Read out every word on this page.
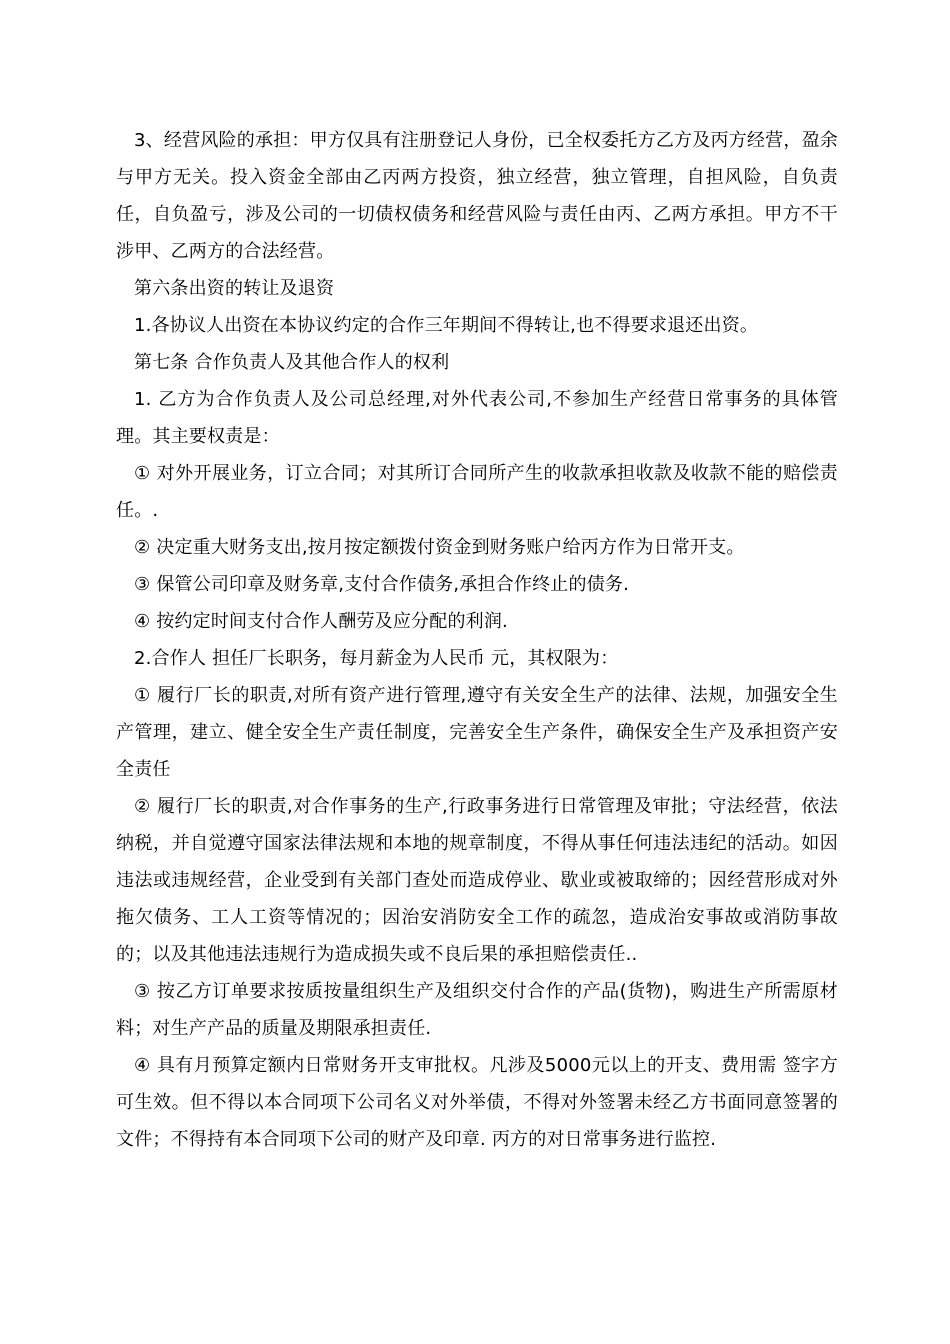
3、经营风险的承担：甲方仅具有注册登记人身份，已全权委托方乙方及丙方经营，盈余与甲方无关。投入资金全部由乙丙两方投资，独立经营，独立管理，自担风险，自负责任，自负盈亏，涉及公司的一切债权债务和经营风险与责任由丙、乙两方承担。甲方不干涉甲、乙两方的合法经营。

第六条出资的转让及退资

1.各协议人出资在本协议约定的合作三年期间不得转让,也不得要求退还出资。

第七条 合作负责人及其他合作人的权利

1. 乙方为合作负责人及公司总经理,对外代表公司,不参加生产经营日常事务的具体管理。其主要权责是：

① 对外开展业务，订立合同；对其所订合同所产生的收款承担收款及收款不能的赔偿责任。.

② 决定重大财务支出,按月按定额拨付资金到财务账户给丙方作为日常开支。

③ 保管公司印章及财务章,支付合作债务,承担合作终止的债务.

④ 按约定时间支付合作人酬劳及应分配的利润.

2.合作人 担任厂长职务，每月薪金为人民币 元，其权限为：

① 履行厂长的职责,对所有资产进行管理,遵守有关安全生产的法律、法规，加强安全生产管理，建立、健全安全生产责任制度，完善安全生产条件，确保安全生产及承担资产安全责任

② 履行厂长的职责,对合作事务的生产,行政事务进行日常管理及审批；守法经营，依法纳税，并自觉遵守国家法律法规和本地的规章制度，不得从事任何违法违纪的活动。如因违法或违规经营，企业受到有关部门查处而造成停业、歇业或被取缔的；因经营形成对外拖欠债务、工人工资等情况的；因治安消防安全工作的疏忽，造成治安事故或消防事故的；以及其他违法违规行为造成损失或不良后果的承担赔偿责任..

③ 按乙方订单要求按质按量组织生产及组织交付合作的产品(货物)，购进生产所需原材料；对生产产品的质量及期限承担责任.

④ 具有月预算定额内日常财务开支审批权。凡涉及5000元以上的开支、费用需 签字方可生效。但不得以本合同项下公司名义对外举债，不得对外签署未经乙方书面同意签署的文件；不得持有本合同项下公司的财产及印章. 丙方的对日常事务进行监控.
